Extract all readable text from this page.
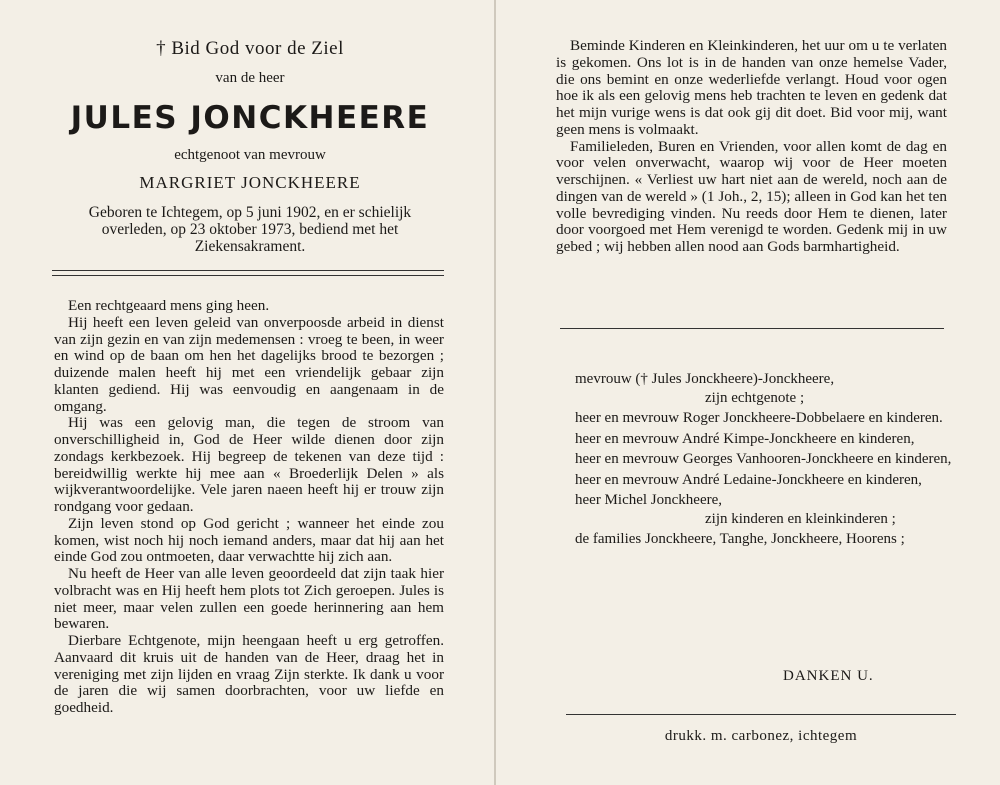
† Bid God voor de Ziel
van de heer
JULES JONCKHEERE
echtgenoot van mevrouw
MARGRIET JONCKHEERE
Geboren te Ichtegem, op 5 juni 1902, en er schielijk
overleden, op 23 oktober 1973, bediend met het
Ziekensakrament.

Een rechtgeaard mens ging heen.

Hij heeft een leven geleid van onverpoosde arbeid in dienst van zijn gezin en van zijn medemensen : vroeg te been, in weer en wind op de baan om hen het dagelijks brood te bezorgen ; duizende malen heeft hij met een vriendelijk gebaar zijn klanten gediend. Hij was eenvoudig en aangenaam in de omgang.

Hij was een gelovig man, die tegen de stroom van onverschilligheid in, God de Heer wilde dienen door zijn zondags kerkbezoek. Hij begreep de tekenen van deze tijd : bereidwillig werkte hij mee aan « Broederlijk Delen » als wijkverantwoordelijke. Vele jaren naeen heeft hij er trouw zijn rondgang voor gedaan.

Zijn leven stond op God gericht ; wanneer het einde zou komen, wist noch hij noch iemand anders, maar dat hij aan het einde God zou ontmoeten, daar verwachtte hij zich aan.

Nu heeft de Heer van alle leven geoordeeld dat zijn taak hier volbracht was en Hij heeft hem plots tot Zich geroepen. Jules is niet meer, maar velen zullen een goede herinnering aan hem bewaren.

Dierbare Echtgenote, mijn heengaan heeft u erg getroffen. Aanvaard dit kruis uit de handen van de Heer, draag het in vereniging met zijn lijden en vraag Zijn sterkte. Ik dank u voor de jaren die wij samen doorbrachten, voor uw liefde en goedheid.

Beminde Kinderen en Kleinkinderen, het uur om u te verlaten is gekomen. Ons lot is in de handen van onze hemelse Vader, die ons bemint en onze wederliefde verlangt. Houd voor ogen hoe ik als een gelovig mens heb trachten te leven en gedenk dat het mijn vurige wens is dat ook gij dit doet. Bid voor mij, want geen mens is volmaakt.

Familieleden, Buren en Vrienden, voor allen komt de dag en voor velen onverwacht, waarop wij voor de Heer moeten verschijnen. « Verliest uw hart niet aan de wereld, noch aan de dingen van de wereld » (1 Joh., 2, 15); alleen in God kan het ten volle bevrediging vinden. Nu reeds door Hem te dienen, later door voorgoed met Hem verenigd te worden. Gedenk mij in uw gebed ; wij hebben allen nood aan Gods barmhartigheid.

mevrouw († Jules Jonckheere)-Jonckheere,
zijn echtgenote ;
heer en mevrouw Roger Jonckheere-Dobbelaere en kinderen.
heer en mevrouw André Kimpe-Jonckheere en kinderen,
heer en mevrouw Georges Vanhooren-Jonckheere en kinderen,
heer en mevrouw André Ledaine-Jonckheere en kinderen,
heer Michel Jonckheere,
zijn kinderen en kleinkinderen ;
de families Jonckheere, Tanghe, Jonckheere, Hoorens ;
DANKEN U.
drukk. m. carbonez, ichtegem
